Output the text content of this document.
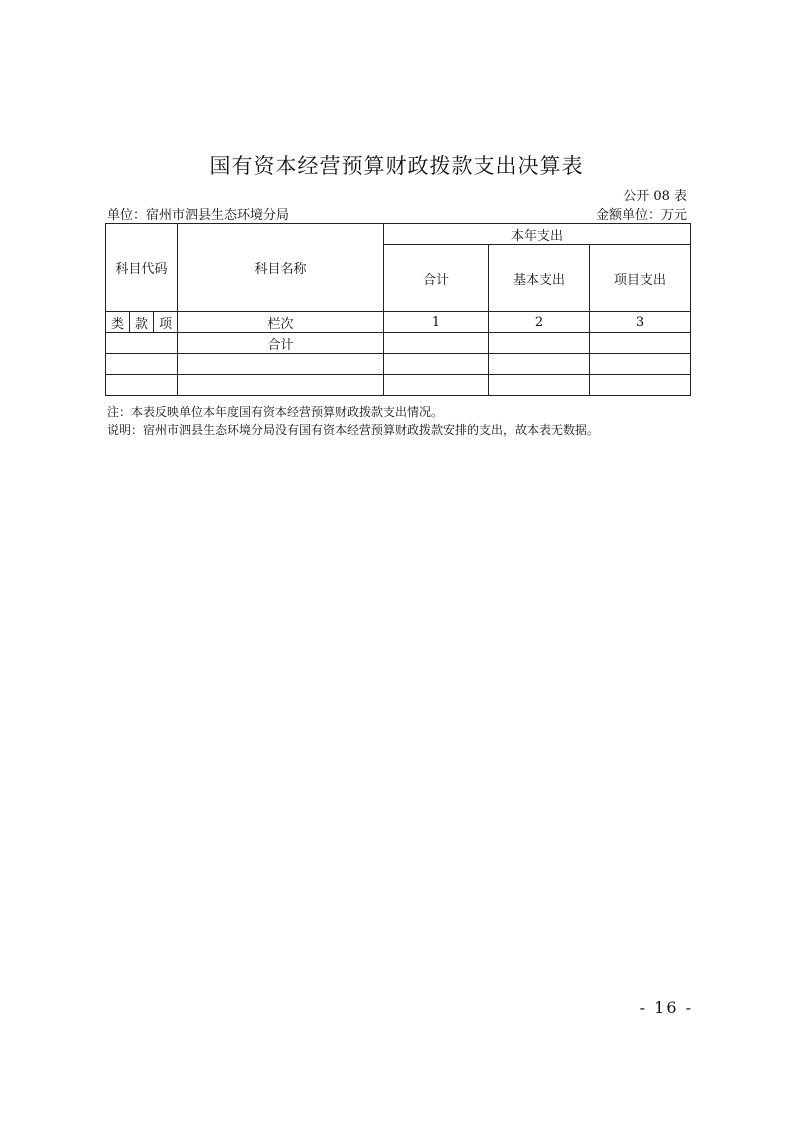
国有资本经营预算财政拨款支出决算表
公开 08 表
单位：宿州市泗县生态环境分局	金额单位：万元
科目代码			科目名称	本年支出		
				合计	基本支出	项目支出
类	款	项	栏次	1	2	3
			合计			

注：本表反映单位本年度国有资本经营预算财政拨款支出情况。
说明：宿州市泗县生态环境分局没有国有资本经营预算财政拨款安排的支出，故本表无数据。
- 16 -
